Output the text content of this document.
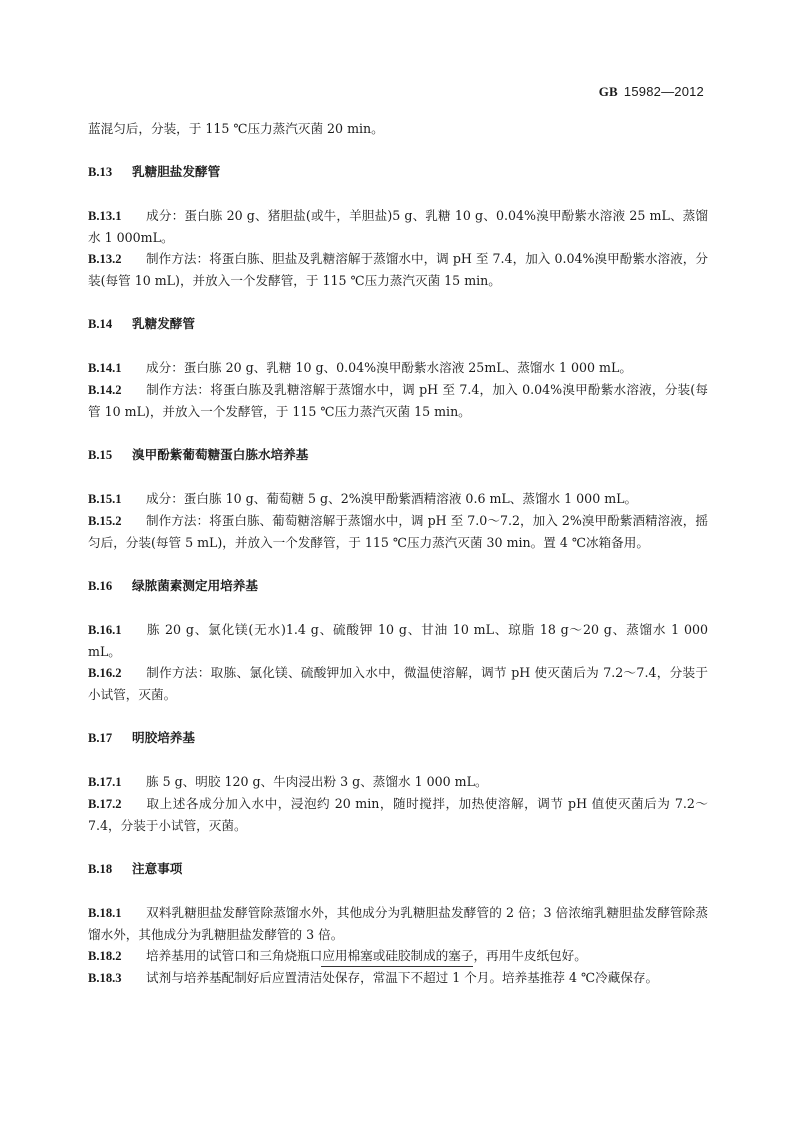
GB 15982—2012

蓝混匀后，分装，于 115 ℃压力蒸汽灭菌 20 min。

B.13 乳糖胆盐发酵管

B.13.1 成分：蛋白胨 20 g、猪胆盐(或牛，羊胆盐)5 g、乳糖 10 g、0.04%溴甲酚紫水溶液 25 mL、蒸馏水 1 000mL。

B.13.2 制作方法：将蛋白胨、胆盐及乳糖溶解于蒸馏水中，调 pH 至 7.4，加入 0.04%溴甲酚紫水溶液，分装(每管 10 mL)，并放入一个发酵管，于 115 ℃压力蒸汽灭菌 15 min。

B.14 乳糖发酵管

B.14.1 成分：蛋白胨 20 g、乳糖 10 g、0.04%溴甲酚紫水溶液 25mL、蒸馏水 1 000 mL。

B.14.2 制作方法：将蛋白胨及乳糖溶解于蒸馏水中，调 pH 至 7.4，加入 0.04%溴甲酚紫水溶液，分装(每管 10 mL)，并放入一个发酵管，于 115 ℃压力蒸汽灭菌 15 min。

B.15 溴甲酚紫葡萄糖蛋白胨水培养基

B.15.1 成分：蛋白胨 10 g、葡萄糖 5 g、2%溴甲酚紫酒精溶液 0.6 mL、蒸馏水 1 000 mL。

B.15.2 制作方法：将蛋白胨、葡萄糖溶解于蒸馏水中，调 pH 至 7.0～7.2，加入 2%溴甲酚紫酒精溶液，摇匀后，分装(每管 5 mL)，并放入一个发酵管，于 115 ℃压力蒸汽灭菌 30 min。置 4 ℃冰箱备用。

B.16 绿脓菌素测定用培养基

B.16.1 胨 20 g、氯化镁(无水)1.4 g、硫酸钾 10 g、甘油 10 mL、琼脂 18 g～20 g、蒸馏水 1 000 mL。

B.16.2 制作方法：取胨、氯化镁、硫酸钾加入水中，微温使溶解，调节 pH 使灭菌后为 7.2～7.4，分装于小试管，灭菌。

B.17 明胶培养基

B.17.1 胨 5 g、明胶 120 g、牛肉浸出粉 3 g、蒸馏水 1 000 mL。

B.17.2 取上述各成分加入水中，浸泡约 20 min，随时搅拌，加热使溶解，调节 pH 值使灭菌后为 7.2～7.4，分装于小试管，灭菌。

B.18 注意事项

B.18.1 双料乳糖胆盐发酵管除蒸馏水外，其他成分为乳糖胆盐发酵管的 2 倍；3 倍浓缩乳糖胆盐发酵管除蒸馏水外，其他成分为乳糖胆盐发酵管的 3 倍。

B.18.2 培养基用的试管口和三角烧瓶口应用棉塞或硅胶制成的塞子，再用牛皮纸包好。

B.18.3 试剂与培养基配制好后应置清洁处保存，常温下不超过 1 个月。培养基推荐 4 ℃冷藏保存。
